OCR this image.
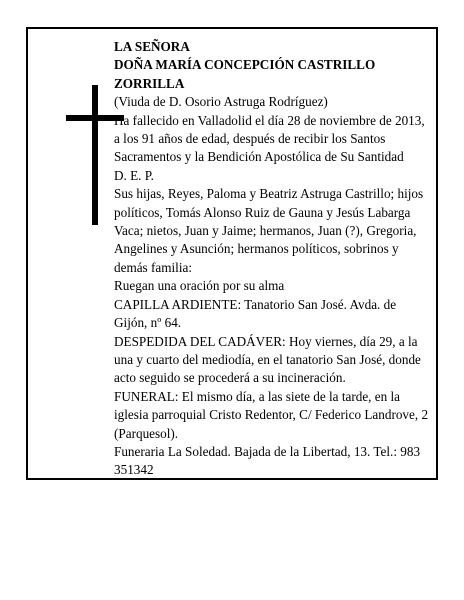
LA SEÑORA

DOÑA MARÍA CONCEPCIÓN CASTRILLO ZORRILLA

(Viuda de D. Osorio Astruga Rodríguez)

Ha fallecido en Valladolid el día 28 de noviembre de 2013, a los 91 años de edad, después de recibir los Santos Sacramentos y la Bendición Apostólica de Su Santidad

D. E. P.

Sus hijas, Reyes, Paloma y Beatriz Astruga Castrillo; hijos políticos, Tomás Alonso Ruiz de Gauna y Jesús Labarga Vaca; nietos, Juan y Jaime; hermanos, Juan (?), Gregoria, Angelines y Asunción; hermanos políticos, sobrinos y demás familia:

Ruegan una oración por su alma

CAPILLA ARDIENTE: Tanatorio San José. Avda. de Gijón, nº 64.

DESPEDIDA DEL CADÁVER: Hoy viernes, día 29, a la una y cuarto del mediodía, en el tanatorio San José, donde acto seguido se procederá a su incineración.

FUNERAL: El mismo día, a las siete de la tarde, en la iglesia parroquial Cristo Redentor, C/ Federico Landrove, 2 (Parquesol).

Funeraria La Soledad. Bajada de la Libertad, 13. Tel.: 983 351342
